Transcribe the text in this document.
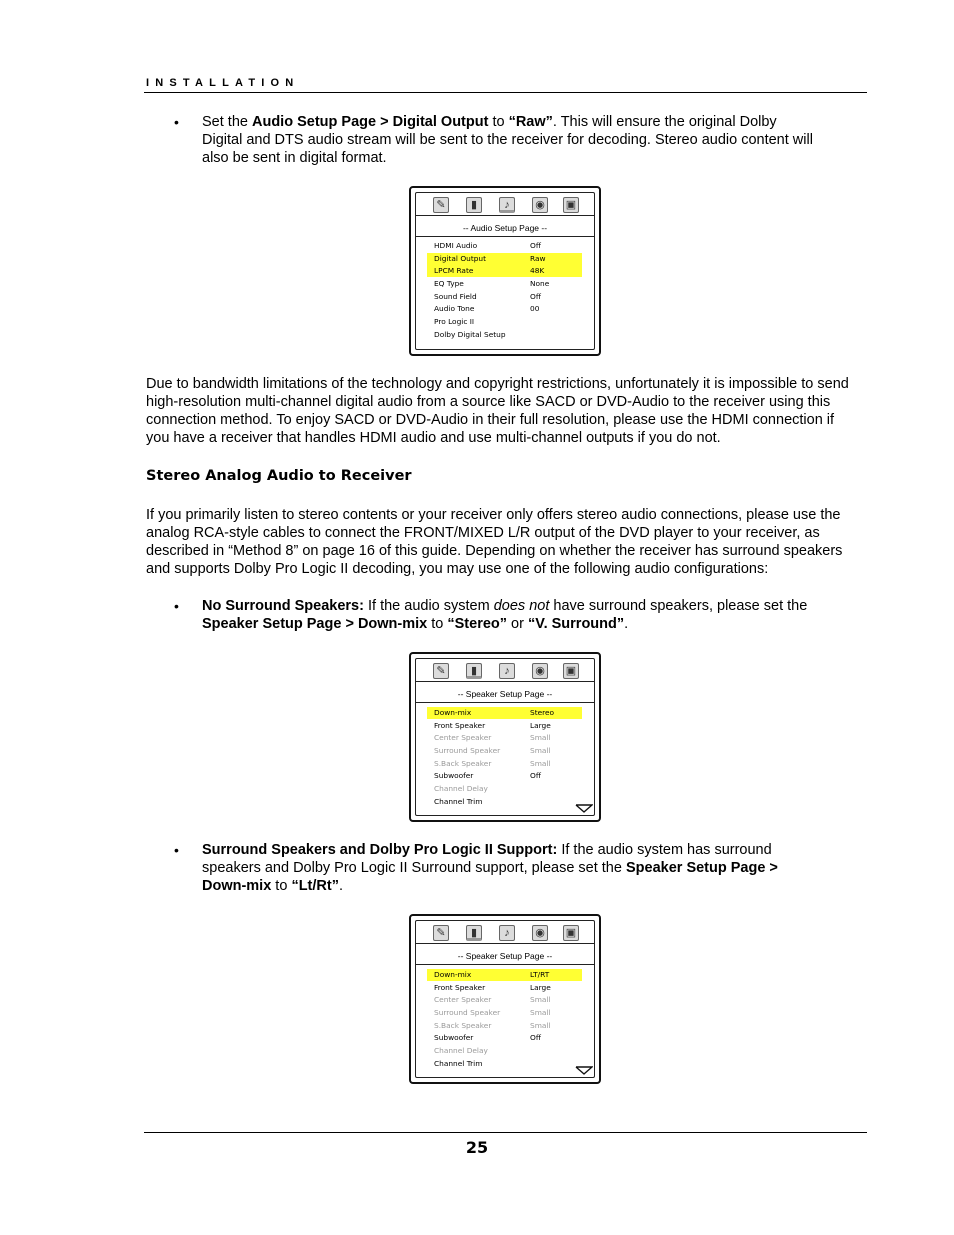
INSTALLATION
• Set the Audio Setup Page > Digital Output to “Raw”. This will ensure the original Dolby
Digital and DTS audio stream will be sent to the receiver for decoding. Stereo audio content will
also be sent in digital format.
✎	▮	♪	◉ ▣
-- Audio Setup Page --
HDMI Audio	Off
Digital Output	Raw
LPCM Rate	48K
EQ Type	None
Sound Field	Off
Audio Tone	00
Pro Logic II
Dolby Digital Setup
Due to bandwidth limitations of the technology and copyright restrictions, unfortunately it is impossible to send
high-resolution multi-channel digital audio from a source like SACD or DVD-Audio to the receiver using this
connection method. To enjoy SACD or DVD-Audio in their full resolution, please use the HDMI connection if
you have a receiver that handles HDMI audio and use multi-channel outputs if you do not.
Stereo Analog Audio to Receiver
If you primarily listen to stereo contents or your receiver only offers stereo audio connections, please use the
analog RCA-style cables to connect the FRONT/MIXED L/R output of the DVD player to your receiver, as
described in “Method 8” on page 16 of this guide. Depending on whether the receiver has surround speakers
and supports Dolby Pro Logic II decoding, you may use one of the following audio configurations:
• No Surround Speakers: If the audio system does not have surround speakers, please set the
Speaker Setup Page > Down-mix to “Stereo” or “V. Surround”.
✎	▮	♪	◉ ▣
-- Speaker Setup Page --
Down-mix	Stereo
Front Speaker	Large
Center Speaker	Small
Surround Speaker	Small
S.Back Speaker	Small
Subwoofer	Off
Channel Delay
Channel Trim
• Surround Speakers and Dolby Pro Logic II Support: If the audio system has surround
speakers and Dolby Pro Logic II Surround support, please set the Speaker Setup Page >
Down-mix to “Lt/Rt”.
✎	▮	♪	◉ ▣
-- Speaker Setup Page --
Down-mix	LT/RT
Front Speaker	Large
Center Speaker	Small
Surround Speaker	Small
S.Back Speaker	Small
Subwoofer	Off
Channel Delay
Channel Trim
25
